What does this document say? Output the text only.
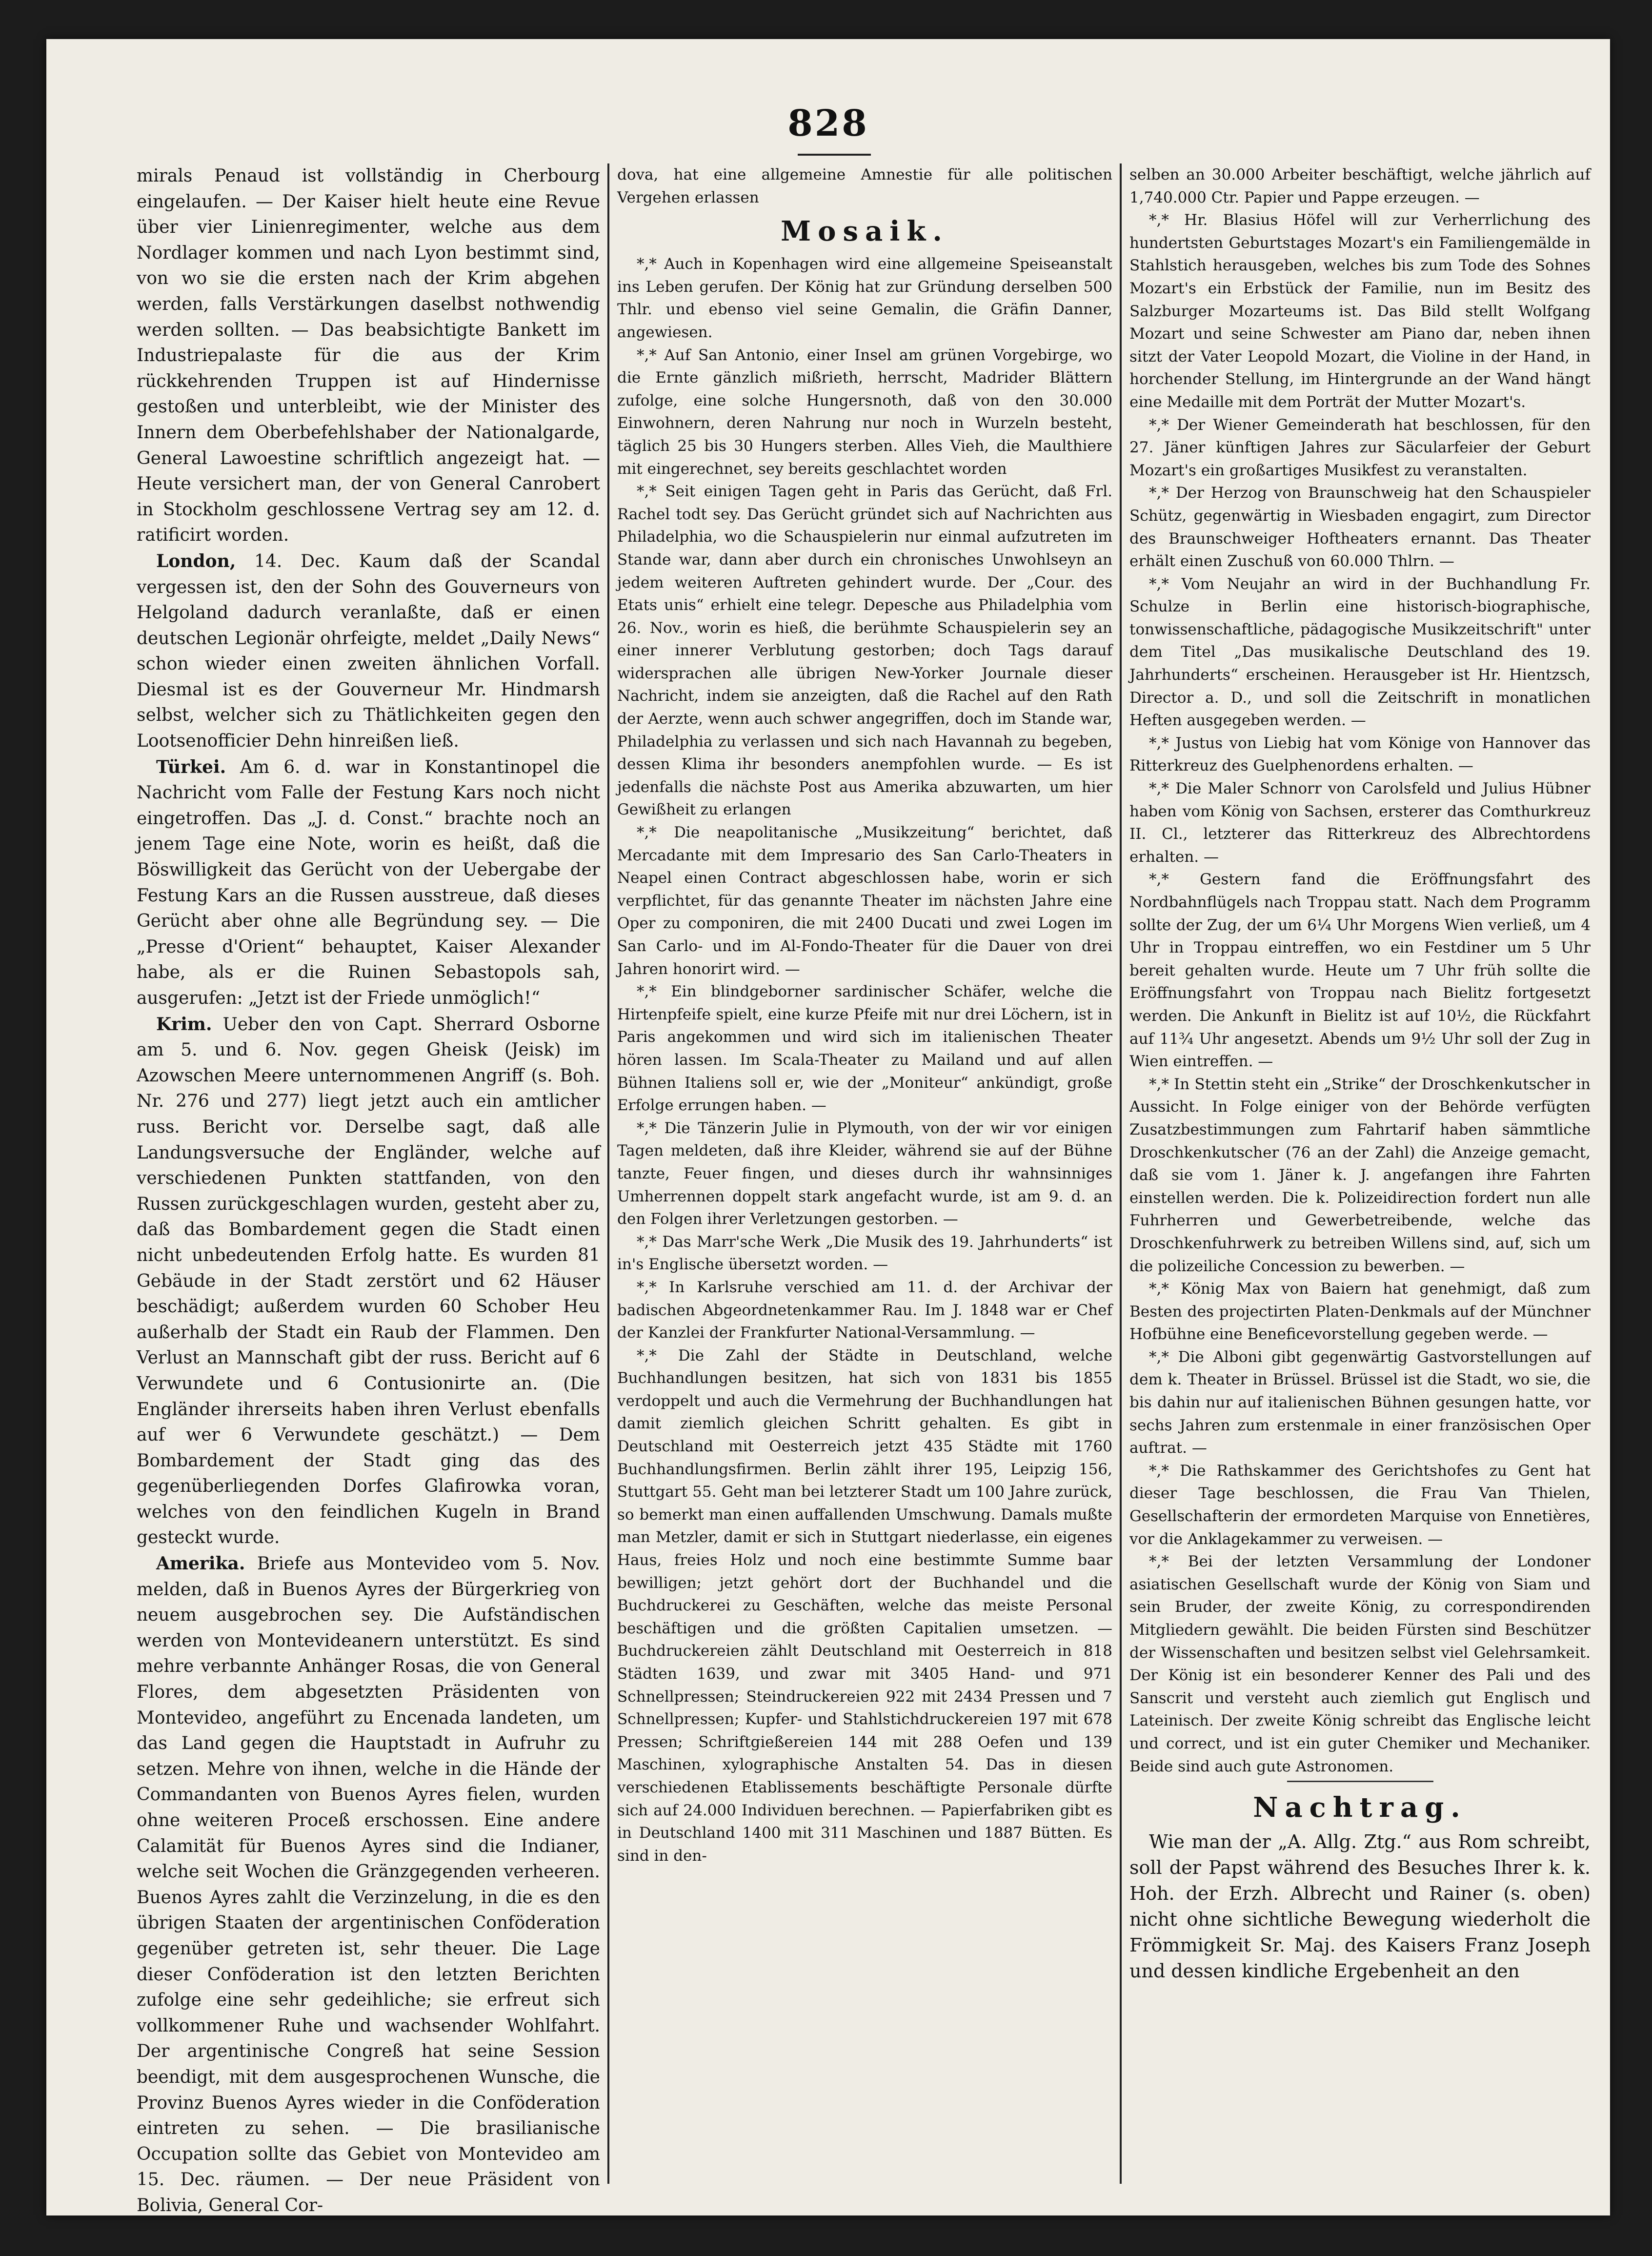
828

mirals Penaud ist vollständig in Cherbourg eingelaufen. — Der Kaiser hielt heute eine Revue über vier Linienregimenter, welche aus dem Nordlager kommen und nach Lyon bestimmt sind, von wo sie die ersten nach der Krim abgehen werden, falls Verstärkungen daselbst nothwendig werden sollten. — Das beabsichtigte Bankett im Industriepalaste für die aus der Krim rückkehrenden Truppen ist auf Hindernisse gestoßen und unterbleibt, wie der Minister des Innern dem Oberbefehlshaber der Nationalgarde, General Lawoestine schriftlich angezeigt hat. — Heute versichert man, der von General Canrobert in Stockholm geschlossene Vertrag sey am 12. d. ratificirt worden.

London, 14. Dec. Kaum daß der Scandal vergessen ist, den der Sohn des Gouverneurs von Helgoland dadurch veranlaßte, daß er einen deutschen Legionär ohrfeigte, meldet „Daily News“ schon wieder einen zweiten ähnlichen Vorfall. Diesmal ist es der Gouverneur Mr. Hindmarsh selbst, welcher sich zu Thätlichkeiten gegen den Lootsenofficier Dehn hinreißen ließ.

Türkei. Am 6. d. war in Konstantinopel die Nachricht vom Falle der Festung Kars noch nicht eingetroffen. Das „J. d. Const.“ brachte noch an jenem Tage eine Note, worin es heißt, daß die Böswilligkeit das Gerücht von der Uebergabe der Festung Kars an die Russen ausstreue, daß dieses Gerücht aber ohne alle Begründung sey. — Die „Presse d'Orient“ behauptet, Kaiser Alexander habe, als er die Ruinen Sebastopols sah, ausgerufen: „Jetzt ist der Friede unmöglich!“

Krim. Ueber den von Capt. Sherrard Osborne am 5. und 6. Nov. gegen Gheisk (Jeisk) im Azowschen Meere unternommenen Angriff (s. Boh. Nr. 276 und 277) liegt jetzt auch ein amtlicher russ. Bericht vor. Derselbe sagt, daß alle Landungsversuche der Engländer, welche auf verschiedenen Punkten stattfanden, von den Russen zurückgeschlagen wurden, gesteht aber zu, daß das Bombardement gegen die Stadt einen nicht unbedeutenden Erfolg hatte. Es wurden 81 Gebäude in der Stadt zerstört und 62 Häuser beschädigt; außerdem wurden 60 Schober Heu außerhalb der Stadt ein Raub der Flammen. Den Verlust an Mannschaft gibt der russ. Bericht auf 6 Verwundete und 6 Contusionirte an. (Die Engländer ihrerseits haben ihren Verlust ebenfalls auf wer 6 Verwundete geschätzt.) — Dem Bombardement der Stadt ging das des gegenüberliegenden Dorfes Glafirowka voran, welches von den feindlichen Kugeln in Brand gesteckt wurde.

Amerika. Briefe aus Montevideo vom 5. Nov. melden, daß in Buenos Ayres der Bürgerkrieg von neuem ausgebrochen sey. Die Aufständischen werden von Montevideanern unterstützt. Es sind mehre verbannte Anhänger Rosas, die von General Flores, dem abgesetzten Präsidenten von Montevideo, angeführt zu Encenada landeten, um das Land gegen die Hauptstadt in Aufruhr zu setzen. Mehre von ihnen, welche in die Hände der Commandanten von Buenos Ayres fielen, wurden ohne weiteren Proceß erschossen. Eine andere Calamität für Buenos Ayres sind die Indianer, welche seit Wochen die Gränzgegenden verheeren. Buenos Ayres zahlt die Verzinzelung, in die es den übrigen Staaten der argentinischen Conföderation gegenüber getreten ist, sehr theuer. Die Lage dieser Conföderation ist den letzten Berichten zufolge eine sehr gedeihliche; sie erfreut sich vollkommener Ruhe und wachsender Wohlfahrt. Der argentinische Congreß hat seine Session beendigt, mit dem ausgesprochenen Wunsche, die Provinz Buenos Ayres wieder in die Conföderation eintreten zu sehen. — Die brasilianische Occupation sollte das Gebiet von Montevideo am 15. Dec. räumen. — Der neue Präsident von Bolivia, General Cor-

dova, hat eine allgemeine Amnestie für alle politischen Vergehen erlassen

Mosaik.

*,* Auch in Kopenhagen wird eine allgemeine Speiseanstalt ins Leben gerufen. Der König hat zur Gründung derselben 500 Thlr. und ebenso viel seine Gemalin, die Gräfin Danner, angewiesen.

*,* Auf San Antonio, einer Insel am grünen Vorgebirge, wo die Ernte gänzlich mißrieth, herrscht, Madrider Blättern zufolge, eine solche Hungersnoth, daß von den 30.000 Einwohnern, deren Nahrung nur noch in Wurzeln besteht, täglich 25 bis 30 Hungers sterben. Alles Vieh, die Maulthiere mit eingerechnet, sey bereits geschlachtet worden

*,* Seit einigen Tagen geht in Paris das Gerücht, daß Frl. Rachel todt sey. Das Gerücht gründet sich auf Nachrichten aus Philadelphia, wo die Schauspielerin nur einmal aufzutreten im Stande war, dann aber durch ein chronisches Unwohlseyn an jedem weiteren Auftreten gehindert wurde. Der „Cour. des Etats unis“ erhielt eine telegr. Depesche aus Philadelphia vom 26. Nov., worin es hieß, die berühmte Schauspielerin sey an einer innerer Verblutung gestorben; doch Tags darauf widersprachen alle übrigen New-Yorker Journale dieser Nachricht, indem sie anzeigten, daß die Rachel auf den Rath der Aerzte, wenn auch schwer angegriffen, doch im Stande war, Philadelphia zu verlassen und sich nach Havannah zu begeben, dessen Klima ihr besonders anempfohlen wurde. — Es ist jedenfalls die nächste Post aus Amerika abzuwarten, um hier Gewißheit zu erlangen

*,* Die neapolitanische „Musikzeitung“ berichtet, daß Mercadante mit dem Impresario des San Carlo-Theaters in Neapel einen Contract abgeschlossen habe, worin er sich verpflichtet, für das genannte Theater im nächsten Jahre eine Oper zu componiren, die mit 2400 Ducati und zwei Logen im San Carlo- und im Al-Fondo-Theater für die Dauer von drei Jahren honorirt wird. —

*,* Ein blindgeborner sardinischer Schäfer, welche die Hirtenpfeife spielt, eine kurze Pfeife mit nur drei Löchern, ist in Paris angekommen und wird sich im italienischen Theater hören lassen. Im Scala-Theater zu Mailand und auf allen Bühnen Italiens soll er, wie der „Moniteur“ ankündigt, große Erfolge errungen haben. —

*,* Die Tänzerin Julie in Plymouth, von der wir vor einigen Tagen meldeten, daß ihre Kleider, während sie auf der Bühne tanzte, Feuer fingen, und dieses durch ihr wahnsinniges Umherrennen doppelt stark angefacht wurde, ist am 9. d. an den Folgen ihrer Verletzungen gestorben. —

*,* Das Marr'sche Werk „Die Musik des 19. Jahrhunderts“ ist in's Englische übersetzt worden. —

*,* In Karlsruhe verschied am 11. d. der Archivar der badischen Abgeordnetenkammer Rau. Im J. 1848 war er Chef der Kanzlei der Frankfurter National-Versammlung. —

*,* Die Zahl der Städte in Deutschland, welche Buchhandlungen besitzen, hat sich von 1831 bis 1855 verdoppelt und auch die Vermehrung der Buchhandlungen hat damit ziemlich gleichen Schritt gehalten. Es gibt in Deutschland mit Oesterreich jetzt 435 Städte mit 1760 Buchhandlungsfirmen. Berlin zählt ihrer 195, Leipzig 156, Stuttgart 55. Geht man bei letzterer Stadt um 100 Jahre zurück, so bemerkt man einen auffallenden Umschwung. Damals mußte man Metzler, damit er sich in Stuttgart niederlasse, ein eigenes Haus, freies Holz und noch eine bestimmte Summe baar bewilligen; jetzt gehört dort der Buchhandel und die Buchdruckerei zu Geschäften, welche das meiste Personal beschäftigen und die größten Capitalien umsetzen. — Buchdruckereien zählt Deutschland mit Oesterreich in 818 Städten 1639, und zwar mit 3405 Hand- und 971 Schnellpressen; Steindruckereien 922 mit 2434 Pressen und 7 Schnellpressen; Kupfer- und Stahlstichdruckereien 197 mit 678 Pressen; Schriftgießereien 144 mit 288 Oefen und 139 Maschinen, xylographische Anstalten 54. Das in diesen verschiedenen Etablissements beschäftigte Personale dürfte sich auf 24.000 Individuen berechnen. — Papierfabriken gibt es in Deutschland 1400 mit 311 Maschinen und 1887 Bütten. Es sind in den-

selben an 30.000 Arbeiter beschäftigt, welche jährlich auf 1,740.000 Ctr. Papier und Pappe erzeugen. —

*,* Hr. Blasius Höfel will zur Verherrlichung des hundertsten Geburtstages Mozart's ein Familiengemälde in Stahlstich herausgeben, welches bis zum Tode des Sohnes Mozart's ein Erbstück der Familie, nun im Besitz des Salzburger Mozarteums ist. Das Bild stellt Wolfgang Mozart und seine Schwester am Piano dar, neben ihnen sitzt der Vater Leopold Mozart, die Violine in der Hand, in horchender Stellung, im Hintergrunde an der Wand hängt eine Medaille mit dem Porträt der Mutter Mozart's.

*,* Der Wiener Gemeinderath hat beschlossen, für den 27. Jäner künftigen Jahres zur Säcularfeier der Geburt Mozart's ein großartiges Musikfest zu veranstalten.

*,* Der Herzog von Braunschweig hat den Schauspieler Schütz, gegenwärtig in Wiesbaden engagirt, zum Director des Braunschweiger Hoftheaters ernannt. Das Theater erhält einen Zuschuß von 60.000 Thlrn. —

*,* Vom Neujahr an wird in der Buchhandlung Fr. Schulze in Berlin eine historisch-biographische, tonwissenschaftliche, pädagogische Musikzeitschrift" unter dem Titel „Das musikalische Deutschland des 19. Jahrhunderts“ erscheinen. Herausgeber ist Hr. Hientzsch, Director a. D., und soll die Zeitschrift in monatlichen Heften ausgegeben werden. —

*,* Justus von Liebig hat vom Könige von Hannover das Ritterkreuz des Guelphenordens erhalten. —

*,* Die Maler Schnorr von Carolsfeld und Julius Hübner haben vom König von Sachsen, ersterer das Comthurkreuz II. Cl., letzterer das Ritterkreuz des Albrechtordens erhalten. —

*,* Gestern fand die Eröffnungsfahrt des Nordbahnflügels nach Troppau statt. Nach dem Programm sollte der Zug, der um 6¼ Uhr Morgens Wien verließ, um 4 Uhr in Troppau eintreffen, wo ein Festdiner um 5 Uhr bereit gehalten wurde. Heute um 7 Uhr früh sollte die Eröffnungsfahrt von Troppau nach Bielitz fortgesetzt werden. Die Ankunft in Bielitz ist auf 10½, die Rückfahrt auf 11¾ Uhr angesetzt. Abends um 9½ Uhr soll der Zug in Wien eintreffen. —

*,* In Stettin steht ein „Strike“ der Droschkenkutscher in Aussicht. In Folge einiger von der Behörde verfügten Zusatzbestimmungen zum Fahrtarif haben sämmtliche Droschkenkutscher (76 an der Zahl) die Anzeige gemacht, daß sie vom 1. Jäner k. J. angefangen ihre Fahrten einstellen werden. Die k. Polizeidirection fordert nun alle Fuhrherren und Gewerbetreibende, welche das Droschkenfuhrwerk zu betreiben Willens sind, auf, sich um die polizeiliche Concession zu bewerben. —

*,* König Max von Baiern hat genehmigt, daß zum Besten des projectirten Platen-Denkmals auf der Münchner Hofbühne eine Beneficevorstellung gegeben werde. —

*,* Die Alboni gibt gegenwärtig Gastvorstellungen auf dem k. Theater in Brüssel. Brüssel ist die Stadt, wo sie, die bis dahin nur auf italienischen Bühnen gesungen hatte, vor sechs Jahren zum erstenmale in einer französischen Oper auftrat. —

*,* Die Rathskammer des Gerichtshofes zu Gent hat dieser Tage beschlossen, die Frau Van Thielen, Gesellschafterin der ermordeten Marquise von Ennetières, vor die Anklagekammer zu verweisen. —

*,* Bei der letzten Versammlung der Londoner asiatischen Gesellschaft wurde der König von Siam und sein Bruder, der zweite König, zu correspondirenden Mitgliedern gewählt. Die beiden Fürsten sind Beschützer der Wissenschaften und besitzen selbst viel Gelehrsamkeit. Der König ist ein besonderer Kenner des Pali und des Sanscrit und versteht auch ziemlich gut Englisch und Lateinisch. Der zweite König schreibt das Englische leicht und correct, und ist ein guter Chemiker und Mechaniker. Beide sind auch gute Astronomen.

Nachtrag.

Wie man der „A. Allg. Ztg.“ aus Rom schreibt, soll der Papst während des Besuches Ihrer k. k. Hoh. der Erzh. Albrecht und Rainer (s. oben) nicht ohne sichtliche Bewegung wiederholt die Frömmigkeit Sr. Maj. des Kaisers Franz Joseph und dessen kindliche Ergebenheit an den
